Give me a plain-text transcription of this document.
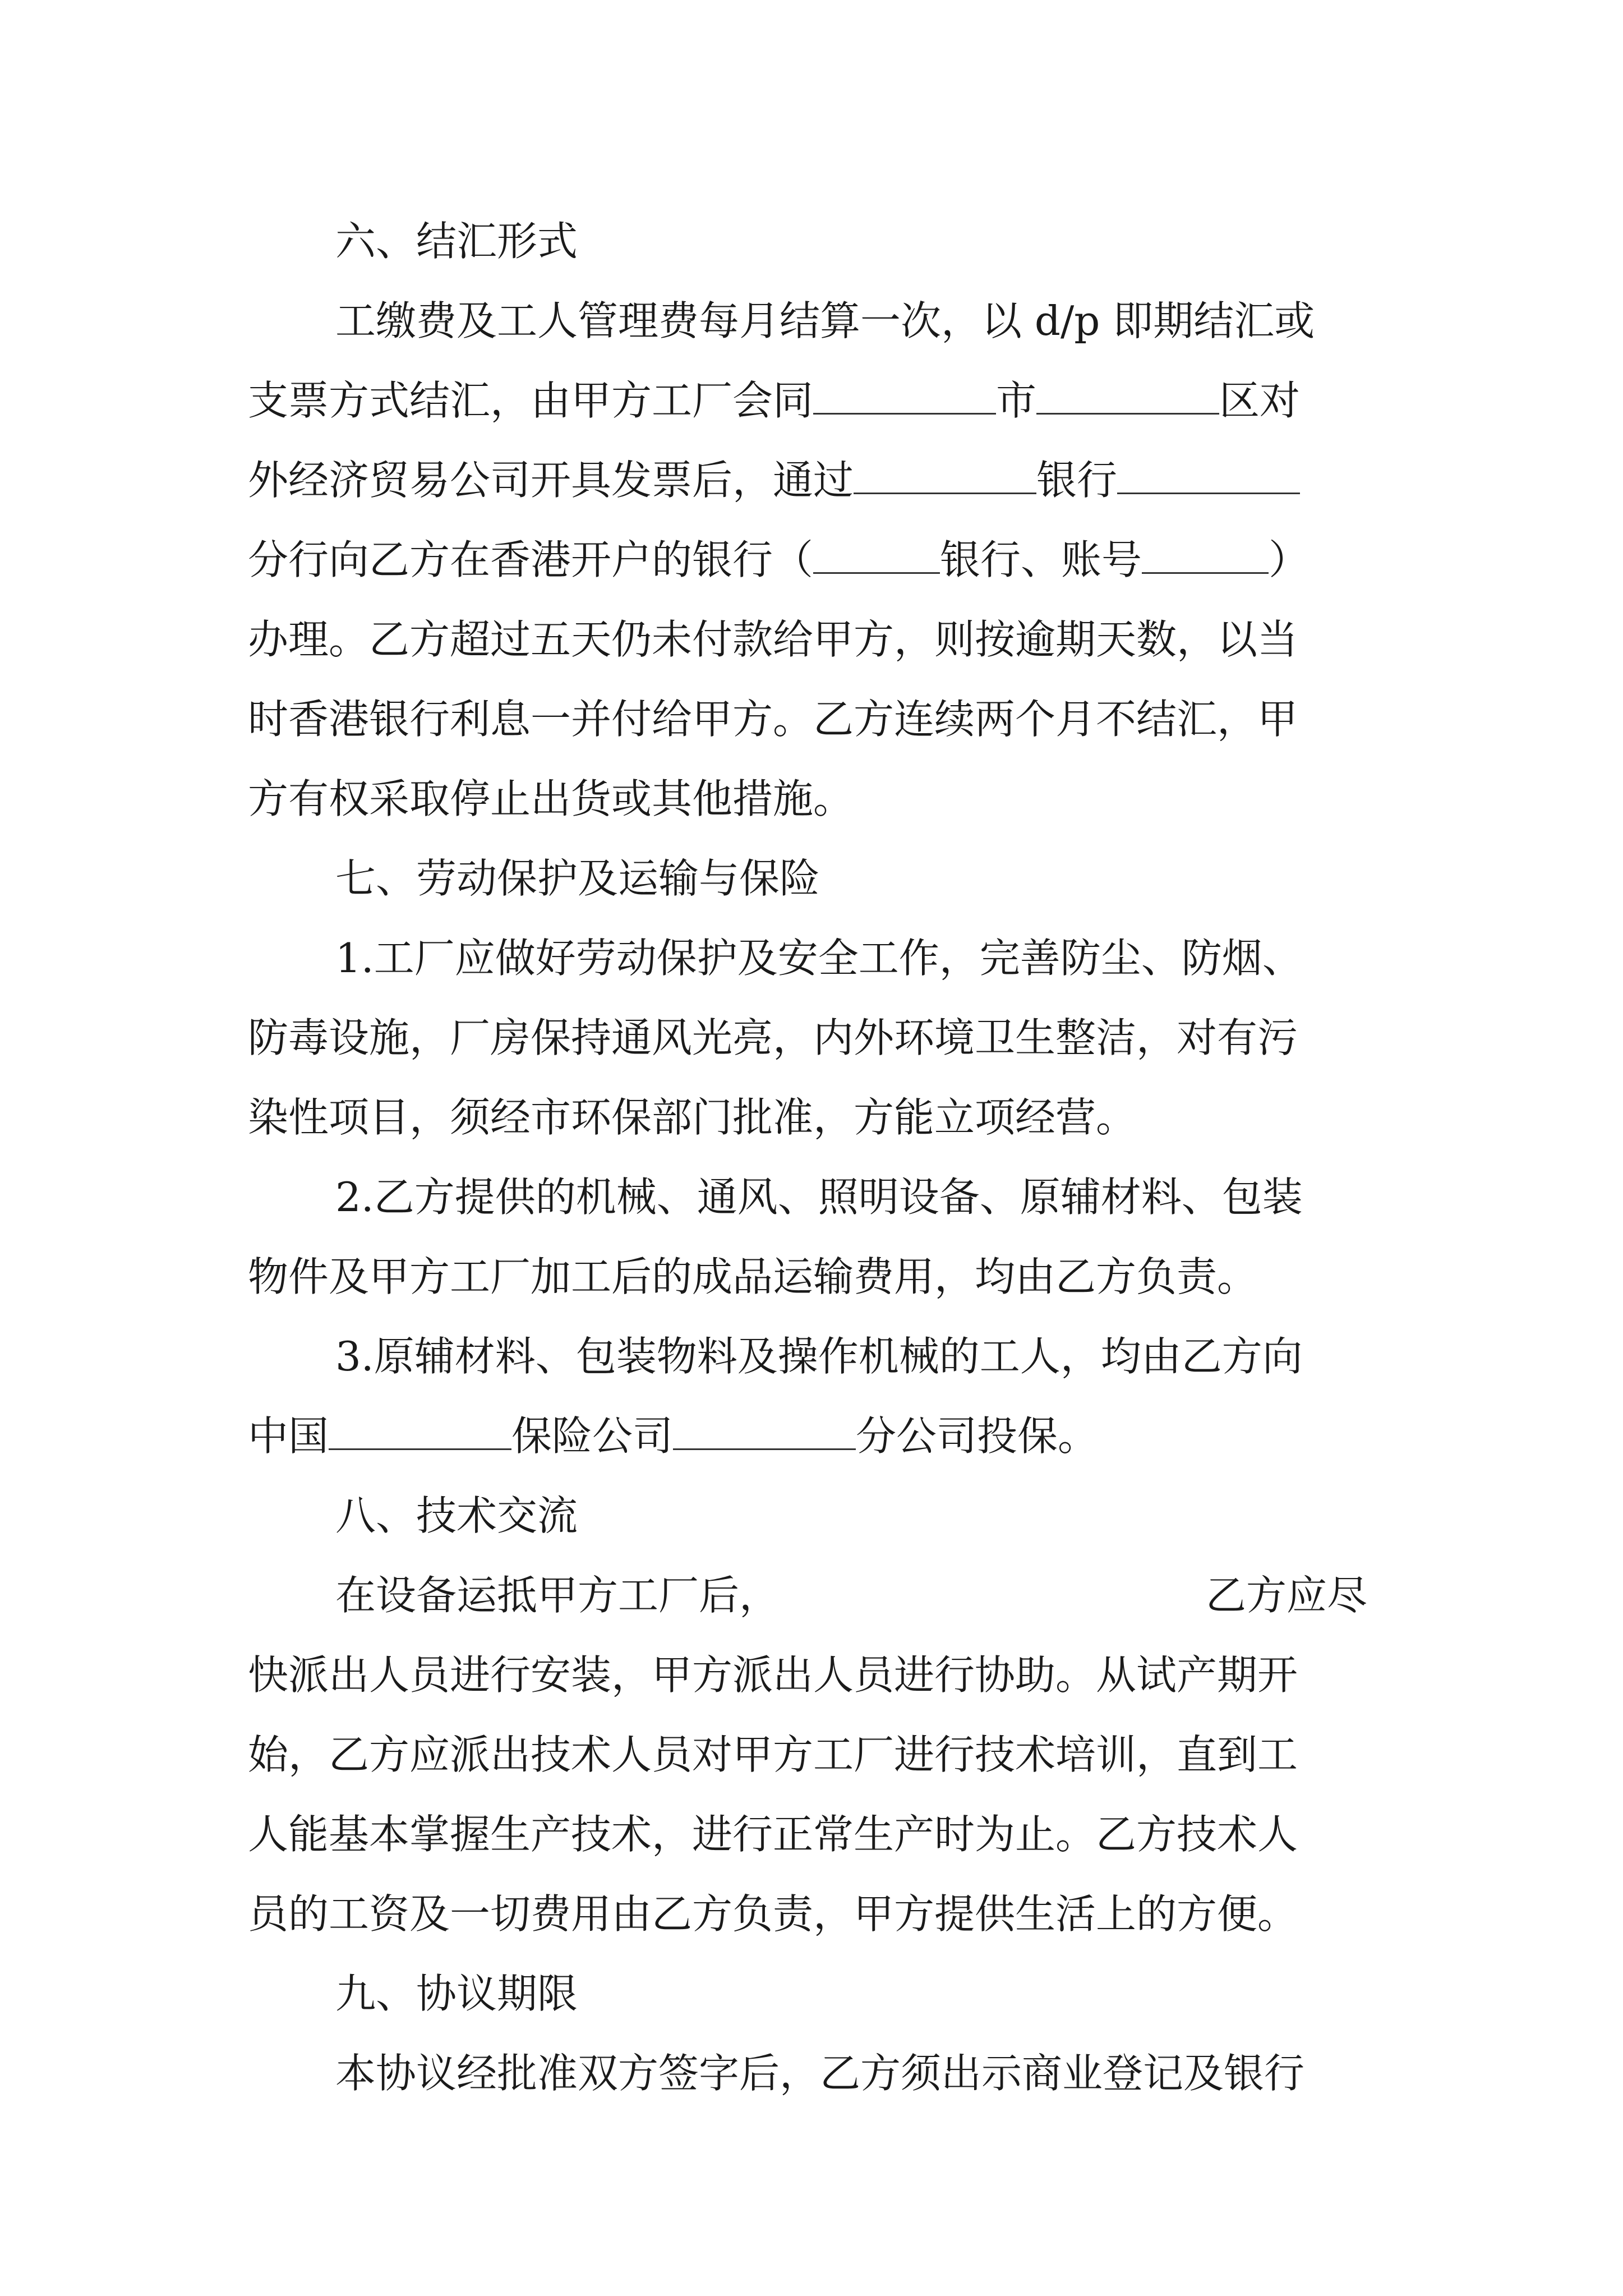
六、结汇形式
工缴费及工人管理费每月结算一次，以 d/p 即期结汇或
支票方式结汇，由甲方工厂会同	市	区对
外经济贸易公司开具发票后，通过	银行
分行向乙方在香港开户的银行（	银行、账号	）
办理。乙方超过五天仍未付款给甲方，则按逾期天数，以当
时香港银行利息一并付给甲方。乙方连续两个月不结汇，甲
方有权采取停止出货或其他措施。
七、劳动保护及运输与保险
1.工厂应做好劳动保护及安全工作，完善防尘、防烟、
防毒设施，厂房保持通风光亮，内外环境卫生整洁，对有污
染性项目，须经市环保部门批准，方能立项经营。
2.乙方提供的机械、通风、照明设备、原辅材料、包装
物件及甲方工厂加工后的成品运输费用，均由乙方负责。
3.原辅材料、包装物料及操作机械的工人，均由乙方向
中国	保险公司	分公司投保。
八、技术交流
在设备运抵甲方工厂后，	乙方应尽
快派出人员进行安装，甲方派出人员进行协助。从试产期开
始，乙方应派出技术人员对甲方工厂进行技术培训，直到工
人能基本掌握生产技术，进行正常生产时为止。乙方技术人
员的工资及一切费用由乙方负责，甲方提供生活上的方便。
九、协议期限
本协议经批准双方签字后，乙方须出示商业登记及银行
